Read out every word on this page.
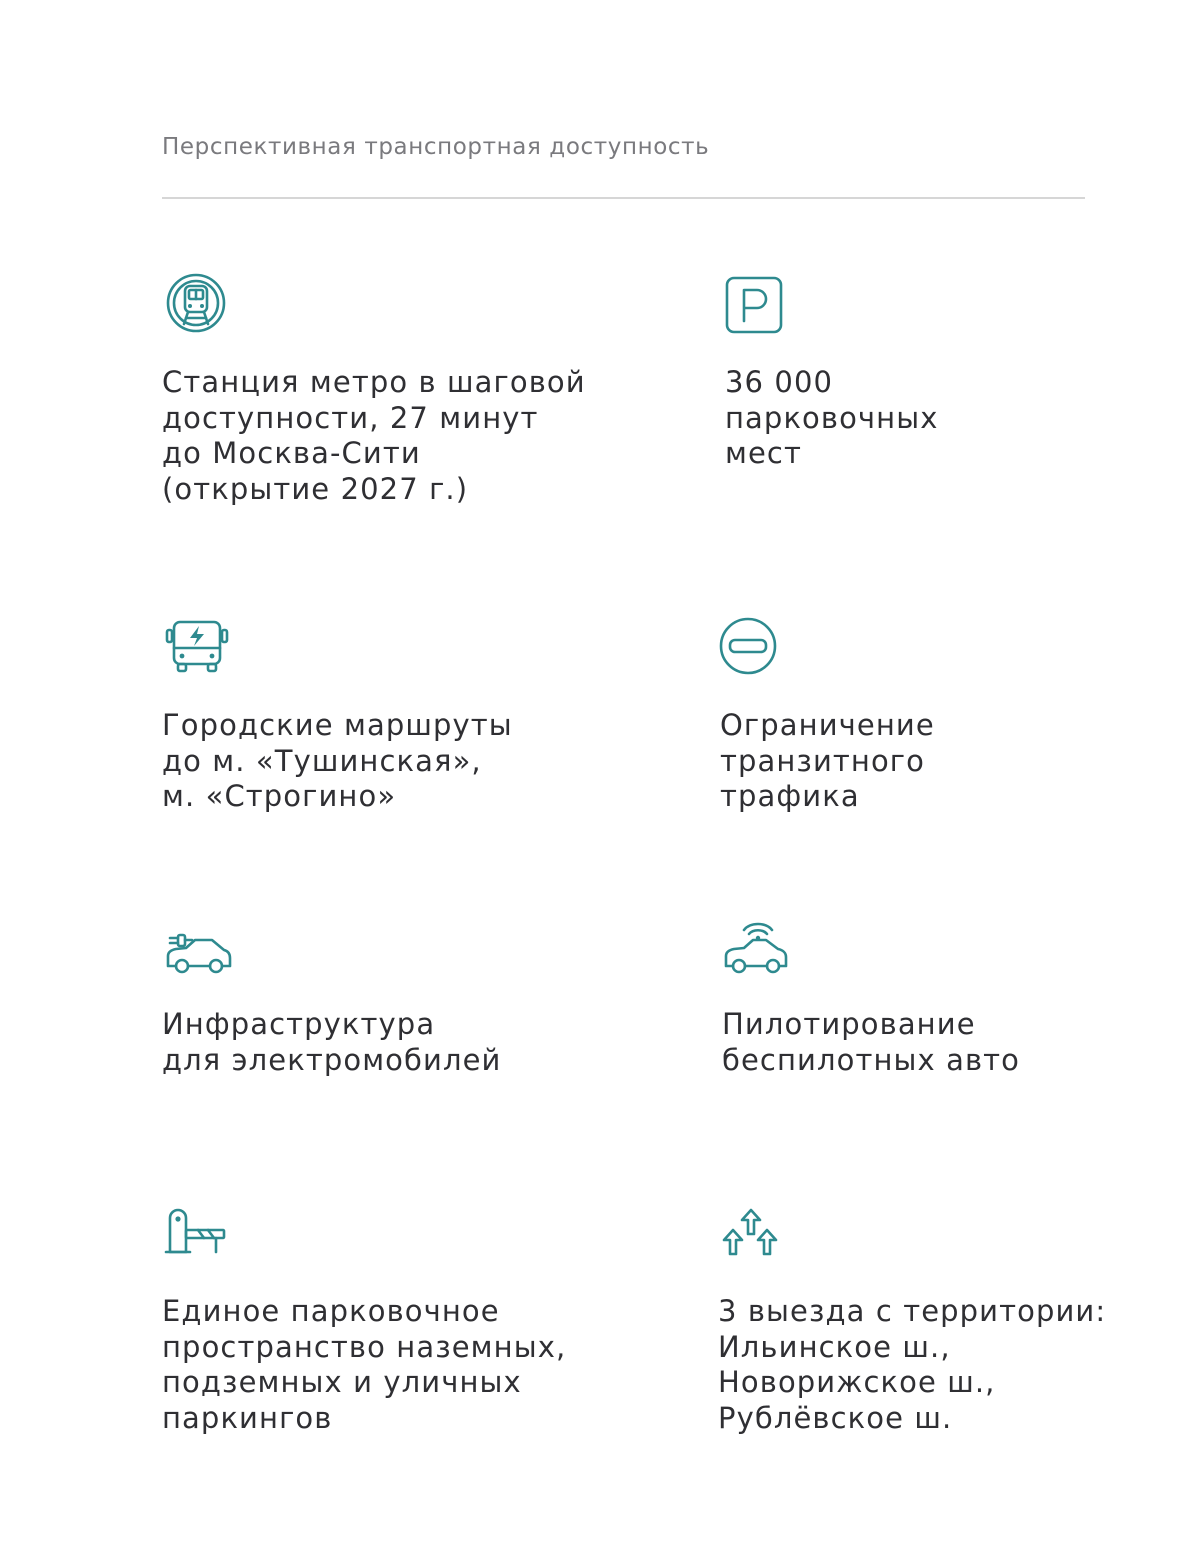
Перспективная транспортная доступность
Станция метро в шаговой
доступности, 27 минут
до Москва-Сити
(открытие 2027 г.)
36 000
парковочных
мест
Городские маршруты
до м. «Тушинская»,
м. «Строгино»
Ограничение
транзитного
трафика
Инфраструктура
для электромобилей
Пилотирование
беспилотных авто
Единое парковочное
пространство наземных,
подземных и уличных
паркингов
3 выезда с территории:
Ильинское ш.,
Новорижское ш.,
Рублёвское ш.
